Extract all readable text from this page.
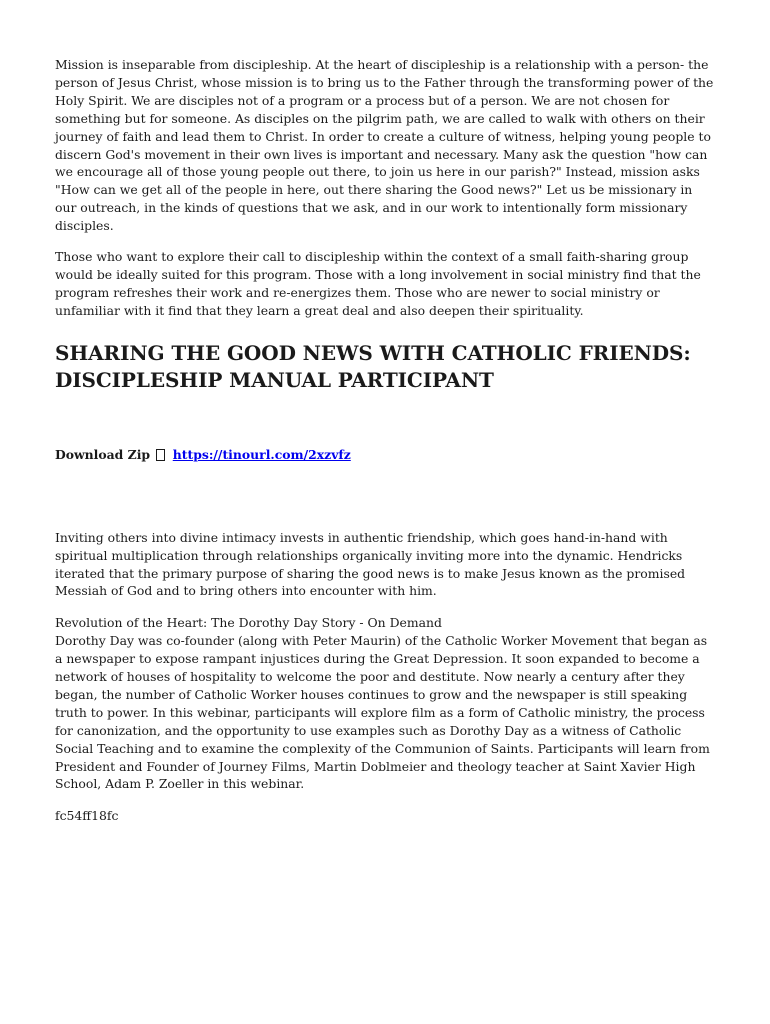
Mission is inseparable from discipleship. At the heart of discipleship is a relationship with a person- the person of Jesus Christ, whose mission is to bring us to the Father through the transforming power of the Holy Spirit. We are disciples not of a program or a process but of a person. We are not chosen for something but for someone. As disciples on the pilgrim path, we are called to walk with others on their journey of faith and lead them to Christ. In order to create a culture of witness, helping young people to discern God's movement in their own lives is important and necessary. Many ask the question "how can we encourage all of those young people out there, to join us here in our parish?" Instead, mission asks "How can we get all of the people in here, out there sharing the Good news?" Let us be missionary in our outreach, in the kinds of questions that we ask, and in our work to intentionally form missionary disciples.

Those who want to explore their call to discipleship within the context of a small faith-sharing group would be ideally suited for this program. Those with a long involvement in social ministry find that the program refreshes their work and re-energizes them. Those who are newer to social ministry or unfamiliar with it find that they learn a great deal and also deepen their spirituality.

SHARING THE GOOD NEWS WITH CATHOLIC FRIENDS: DISCIPLESHIP MANUAL PARTICIPANT
Download Zip https://tinourl.com/2xzvfz

Inviting others into divine intimacy invests in authentic friendship, which goes hand-in-hand with spiritual multiplication through relationships organically inviting more into the dynamic. Hendricks iterated that the primary purpose of sharing the good news is to make Jesus known as the promised Messiah of God and to bring others into encounter with him.

Revolution of the Heart: The Dorothy Day Story - On Demand

Dorothy Day was co-founder (along with Peter Maurin) of the Catholic Worker Movement that began as a newspaper to expose rampant injustices during the Great Depression. It soon expanded to become a network of houses of hospitality to welcome the poor and destitute. Now nearly a century after they began, the number of Catholic Worker houses continues to grow and the newspaper is still speaking truth to power. In this webinar, participants will explore film as a form of Catholic ministry, the process for canonization, and the opportunity to use examples such as Dorothy Day as a witness of Catholic Social Teaching and to examine the complexity of the Communion of Saints. Participants will learn from President and Founder of Journey Films, Martin Doblmeier and theology teacher at Saint Xavier High School, Adam P. Zoeller in this webinar.

fc54ff18fc
